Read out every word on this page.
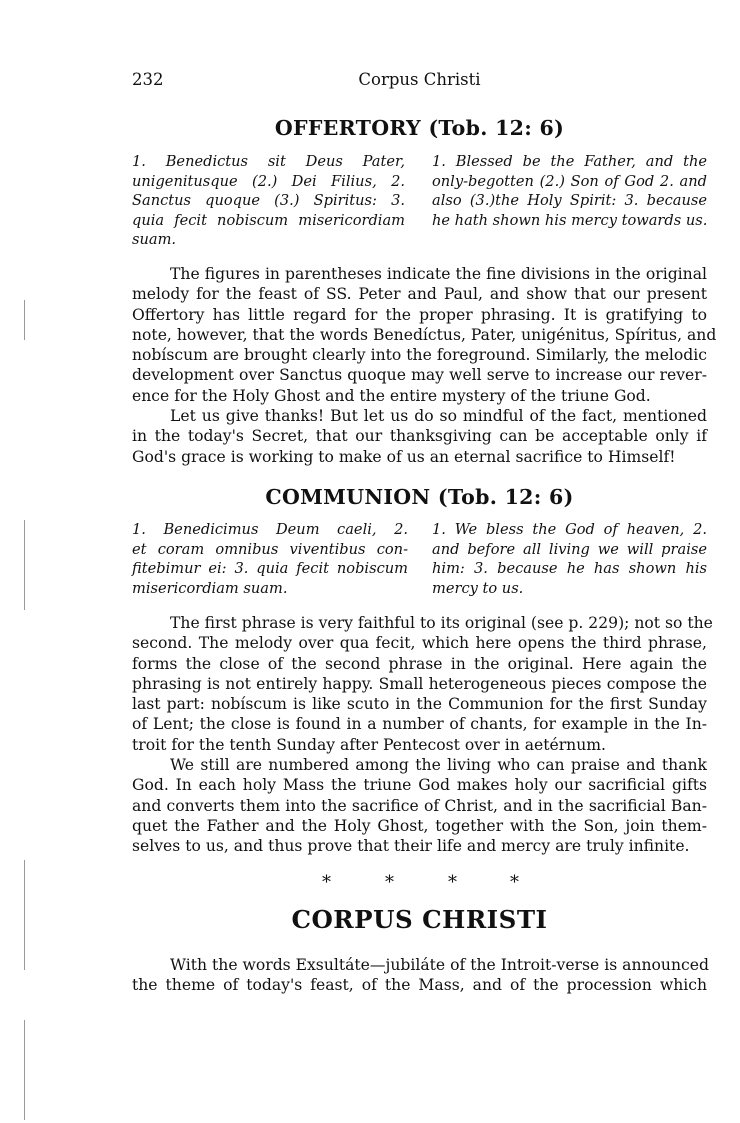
232	Corpus Christi
OFFERTORY (Tob. 12: 6)
1. Benedictus sit Deus Pater,
unigenitusque (2.) Dei Filius, 2.
Sanctus quoque (3.) Spiritus: 3.
quia fecit nobiscum misericordiam
suam.
1. Blessed be the Father, and the
only-begotten (2.) Son of God 2. and
also (3.)the Holy Spirit: 3. because
he hath shown his mercy towards us.
The figures in parentheses indicate the fine divisions in the original
melody for the feast of SS. Peter and Paul, and show that our present
Offertory has little regard for the proper phrasing. It is gratifying to
note, however, that the words Benedíctus, Pater, unigénitus, Spíritus, and
nobíscum are brought clearly into the foreground. Similarly, the melodic
development over Sanctus quoque may well serve to increase our rever-
ence for the Holy Ghost and the entire mystery of the triune God.
Let us give thanks! But let us do so mindful of the fact, mentioned
in the today's Secret, that our thanksgiving can be acceptable only if
God's grace is working to make of us an eternal sacrifice to Himself!
COMMUNION (Tob. 12: 6)
1. Benedicimus Deum caeli, 2.
et coram omnibus viventibus con-
fitebimur ei: 3. quia fecit nobiscum
misericordiam suam.
1. We bless the God of heaven, 2.
and before all living we will praise
him: 3. because he has shown his
mercy to us.
The first phrase is very faithful to its original (see p. 229); not so the
second. The melody over qua fecit, which here opens the third phrase,
forms the close of the second phrase in the original. Here again the
phrasing is not entirely happy. Small heterogeneous pieces compose the
last part: nobíscum is like scuto in the Communion for the first Sunday
of Lent; the close is found in a number of chants, for example in the In-
troit for the tenth Sunday after Pentecost over in aetérnum.
We still are numbered among the living who can praise and thank
God. In each holy Mass the triune God makes holy our sacrificial gifts
and converts them into the sacrifice of Christ, and in the sacrificial Ban-
quet the Father and the Holy Ghost, together with the Son, join them-
selves to us, and thus prove that their life and mercy are truly infinite.
*	*	*	*
CORPUS CHRISTI
With the words Exsultáte—jubiláte of the Introit-verse is announced
the theme of today's feast, of the Mass, and of the procession which
